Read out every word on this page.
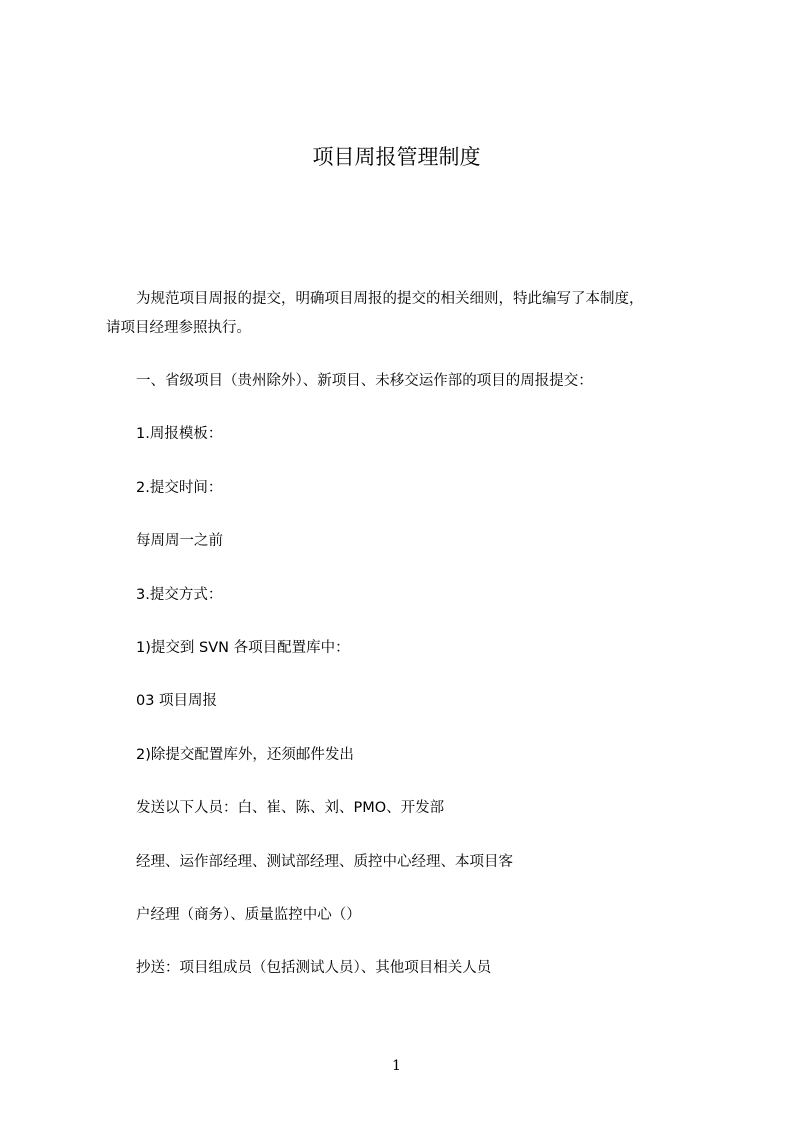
项目周报管理制度
为规范项目周报的提交，明确项目周报的提交的相关细则，特此编写了本制度，
请项目经理参照执行。
一、省级项目（贵州除外）、新项目、未移交运作部的项目的周报提交：
1.周报模板：
2.提交时间：
每周周一之前
3.提交方式：
1)提交到 SVN 各项目配置库中：
03 项目周报
2)除提交配置库外，还须邮件发出
发送以下人员：白、崔、陈、刘、PMO、开发部
经理、运作部经理、测试部经理、质控中心经理、本项目客
户经理（商务）、质量监控中心（）
抄送：项目组成员（包括测试人员）、其他项目相关人员
1
